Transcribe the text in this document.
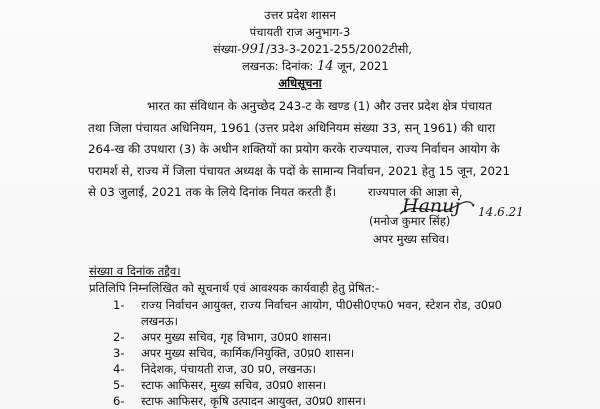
उत्तर प्रदेश शासन
पंचायती राज अनुभाग-3
संख्या-991/33-3-2021-255/2002टीसी,
लखनऊ: दिनांक: 14 जून, 2021
अधिसूचना
भारत का संविधान के अनुच्छेद 243-ट के खण्ड (1) और उत्तर प्रदेश क्षेत्र पंचायत
तथा जिला पंचायत अधिनियम, 1961 (उत्तर प्रदेश अधिनियम संख्या 33, सन् 1961) की धारा
264-ख की उपधारा (3) के अधीन शक्तियों का प्रयोग करके राज्यपाल, राज्य निर्वाचन आयोग के
परामर्श से, राज्य में जिला पंचायत अध्यक्ष के पदों के सामान्य निर्वाचन, 2021 हेतु 15 जून, 2021
से 03 जुलाई, 2021 तक के लिये दिनांक नियत करती हैं।	राज्यपाल की आज्ञा से,
Hanuj 14.6.21
(मनोज कुमार सिंह)
अपर मुख्य सचिव।
संख्या व दिनांक तद्दैव।
प्रतिलिपि निम्नलिखित को सूचनार्थ एवं आवश्यक कार्यवाही हेतु प्रेषित:-
1- राज्य निर्वाचन आयुक्त, राज्य निर्वाचन आयोग, पी0सी0एफ0 भवन, स्टेशन रोड, उ0प्र0
लखनऊ।
2- अपर मुख्य सचिव, गृह विभाग, उ0प्र0 शासन।
3- अपर मुख्य सचिव, कार्मिक/नियुक्ति, उ0प्र0 शासन।
4- निदेशक, पंचायती राज, उ0 प्र0, लखनऊ।
5- स्टाफ आफिसर, मुख्य सचिव, उ0प्र0 शासन।
6- स्टाफ आफिसर, कृषि उत्पादन आयुक्त, उ0प्र0 शासन।
